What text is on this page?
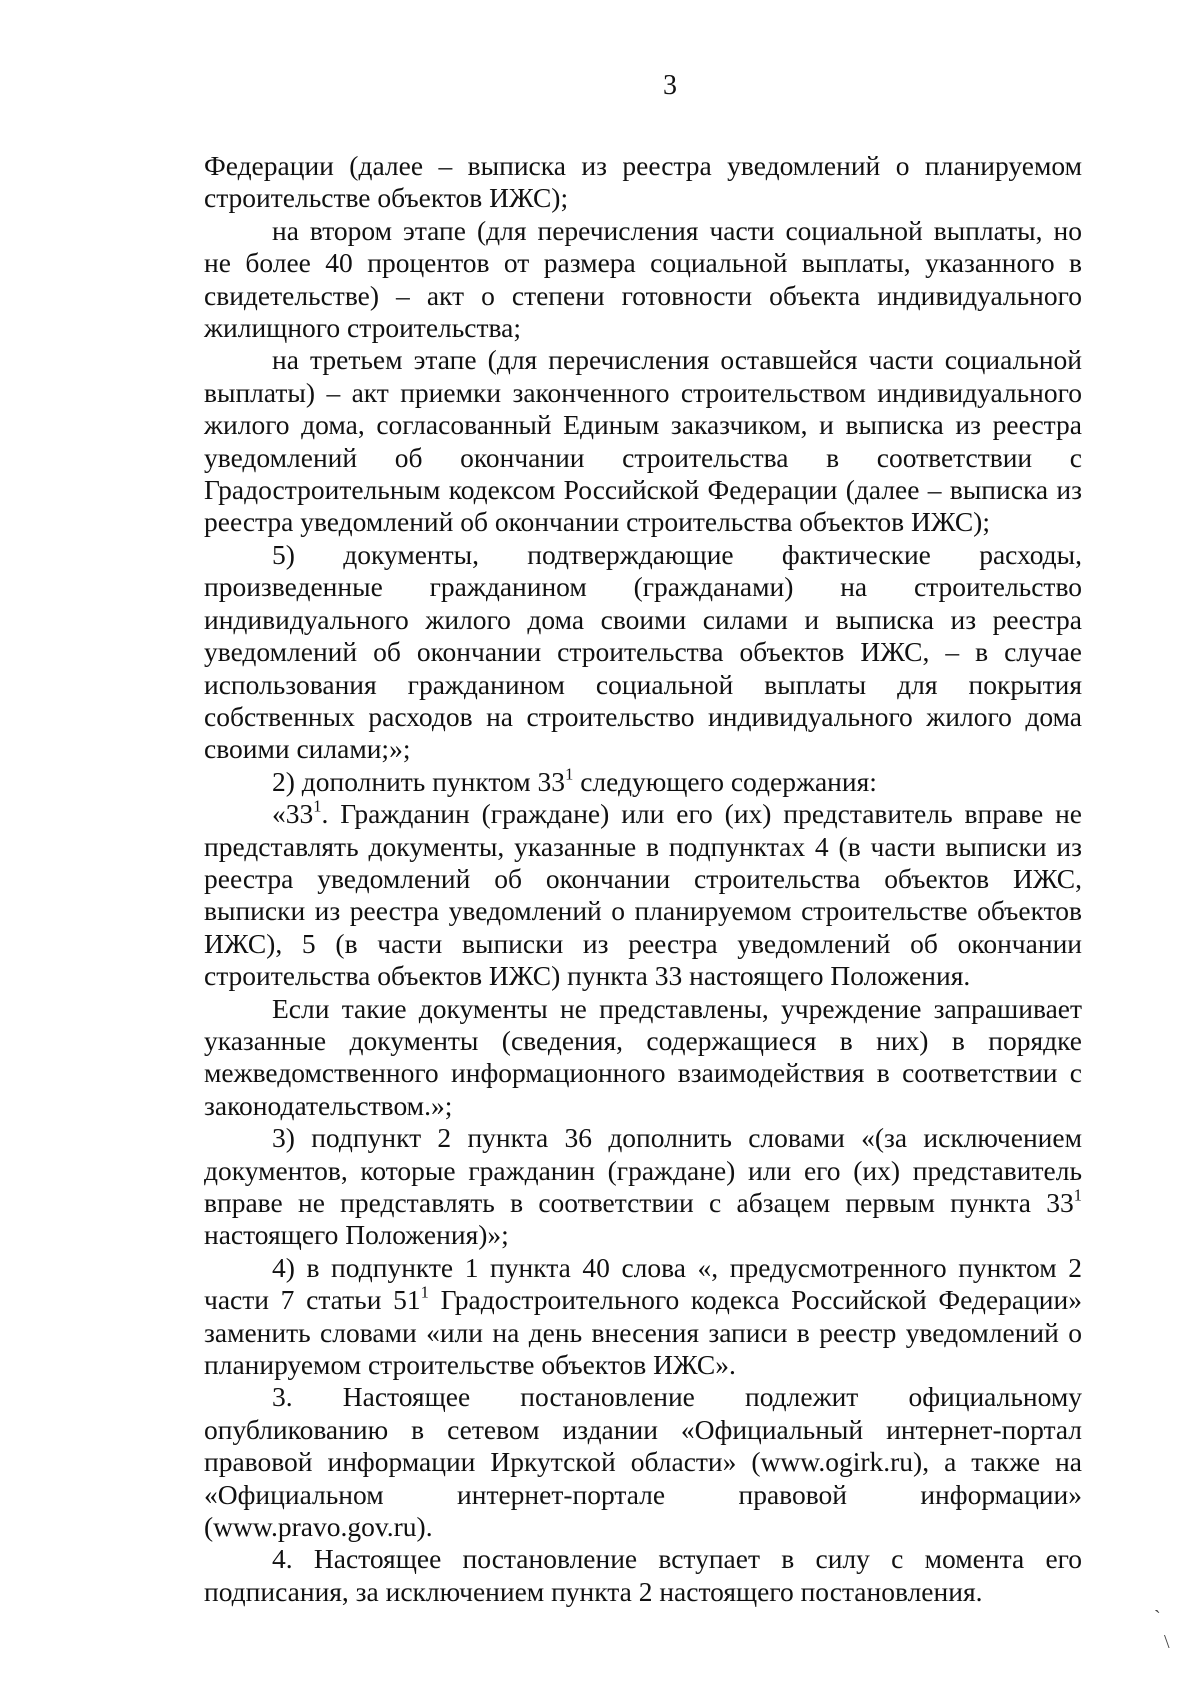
3

Федерации (далее – выписка из реестра уведомлений о планируемом строительстве объектов ИЖС);

на втором этапе (для перечисления части социальной выплаты, но не более 40 процентов от размера социальной выплаты, указанного в свидетельстве) – акт о степени готовности объекта индивидуального жилищного строительства;

на третьем этапе (для перечисления оставшейся части социальной выплаты) – акт приемки законченного строительством индивидуального жилого дома, согласованный Единым заказчиком, и выписка из реестра уведомлений об окончании строительства в соответствии с Градостроительным кодексом Российской Федерации (далее – выписка из реестра уведомлений об окончании строительства объектов ИЖС);

5) документы, подтверждающие фактические расходы, произведенные гражданином (гражданами) на строительство индивидуального жилого дома своими силами и выписка из реестра уведомлений об окончании строительства объектов ИЖС, – в случае использования гражданином социальной выплаты для покрытия собственных расходов на строительство индивидуального жилого дома своими силами;»;

2) дополнить пунктом $33^1$ следующего содержания:

«$33^1$. Гражданин (граждане) или его (их) представитель вправе не представлять документы, указанные в подпунктах 4 (в части выписки из реестра уведомлений об окончании строительства объектов ИЖС, выписки из реестра уведомлений о планируемом строительстве объектов ИЖС), 5 (в части выписки из реестра уведомлений об окончании строительства объектов ИЖС) пункта 33 настоящего Положения.

Если такие документы не представлены, учреждение запрашивает указанные документы (сведения, содержащиеся в них) в порядке межведомственного информационного взаимодействия в соответствии с законодательством.»;

3) подпункт 2 пункта 36 дополнить словами «(за исключением документов, которые гражданин (граждане) или его (их) представитель вправе не представлять в соответствии с абзацем первым пункта $33^1$ настоящего Положения)»;

4) в подпункте 1 пункта 40 слова «, предусмотренного пунктом 2 части 7 статьи $51^1$ Градостроительного кодекса Российской Федерации» заменить словами «или на день внесения записи в реестр уведомлений о планируемом строительстве объектов ИЖС».

3. Настоящее постановление подлежит официальному опубликованию в сетевом издании «Официальный интернет-портал правовой информации Иркутской области» (www.ogirk.ru), а также на «Официальном интернет-портале правовой информации» (www.pravo.gov.ru).

4. Настоящее постановление вступает в силу с момента его подписания, за исключением пункта 2 настоящего постановления.

ˋ
\
